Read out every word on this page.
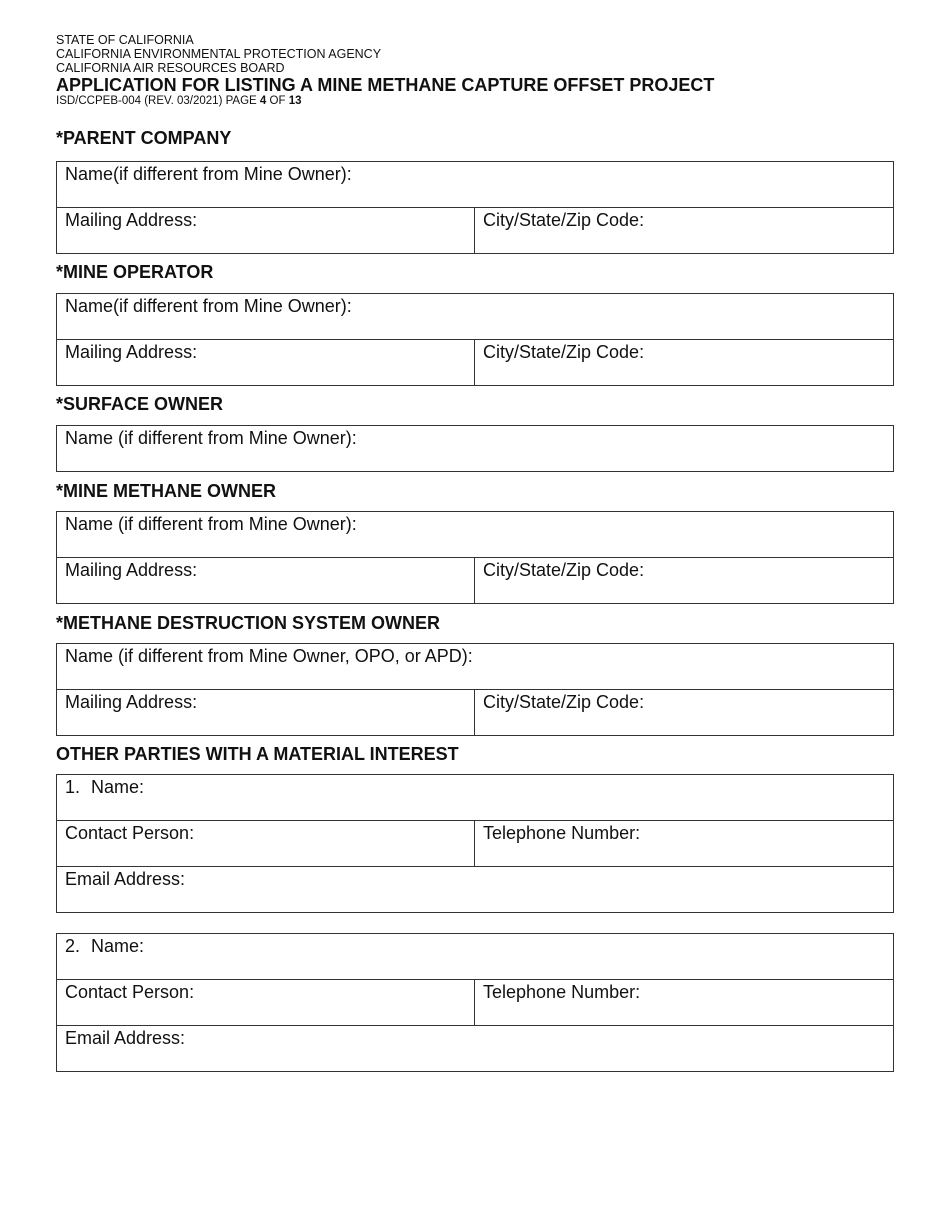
STATE OF CALIFORNIA
CALIFORNIA ENVIRONMENTAL PROTECTION AGENCY
CALIFORNIA AIR RESOURCES BOARD
APPLICATION FOR LISTING A MINE METHANE CAPTURE OFFSET PROJECT
ISD/CCPEB-004 (REV. 03/2021) PAGE 4 OF 13
*PARENT COMPANY
Name(if different from Mine Owner):
Mailing Address:	City/State/Zip Code:
*MINE OPERATOR
Name(if different from Mine Owner):
Mailing Address:	City/State/Zip Code:
*SURFACE OWNER
Name (if different from Mine Owner):
*MINE METHANE OWNER
Name (if different from Mine Owner):
Mailing Address:	City/State/Zip Code:
*METHANE DESTRUCTION SYSTEM OWNER
Name (if different from Mine Owner, OPO, or APD):
Mailing Address:	City/State/Zip Code:
OTHER PARTIES WITH A MATERIAL INTEREST
1. Name:
Contact Person:	Telephone Number:
Email Address:
2. Name:
Contact Person:	Telephone Number:
Email Address:
